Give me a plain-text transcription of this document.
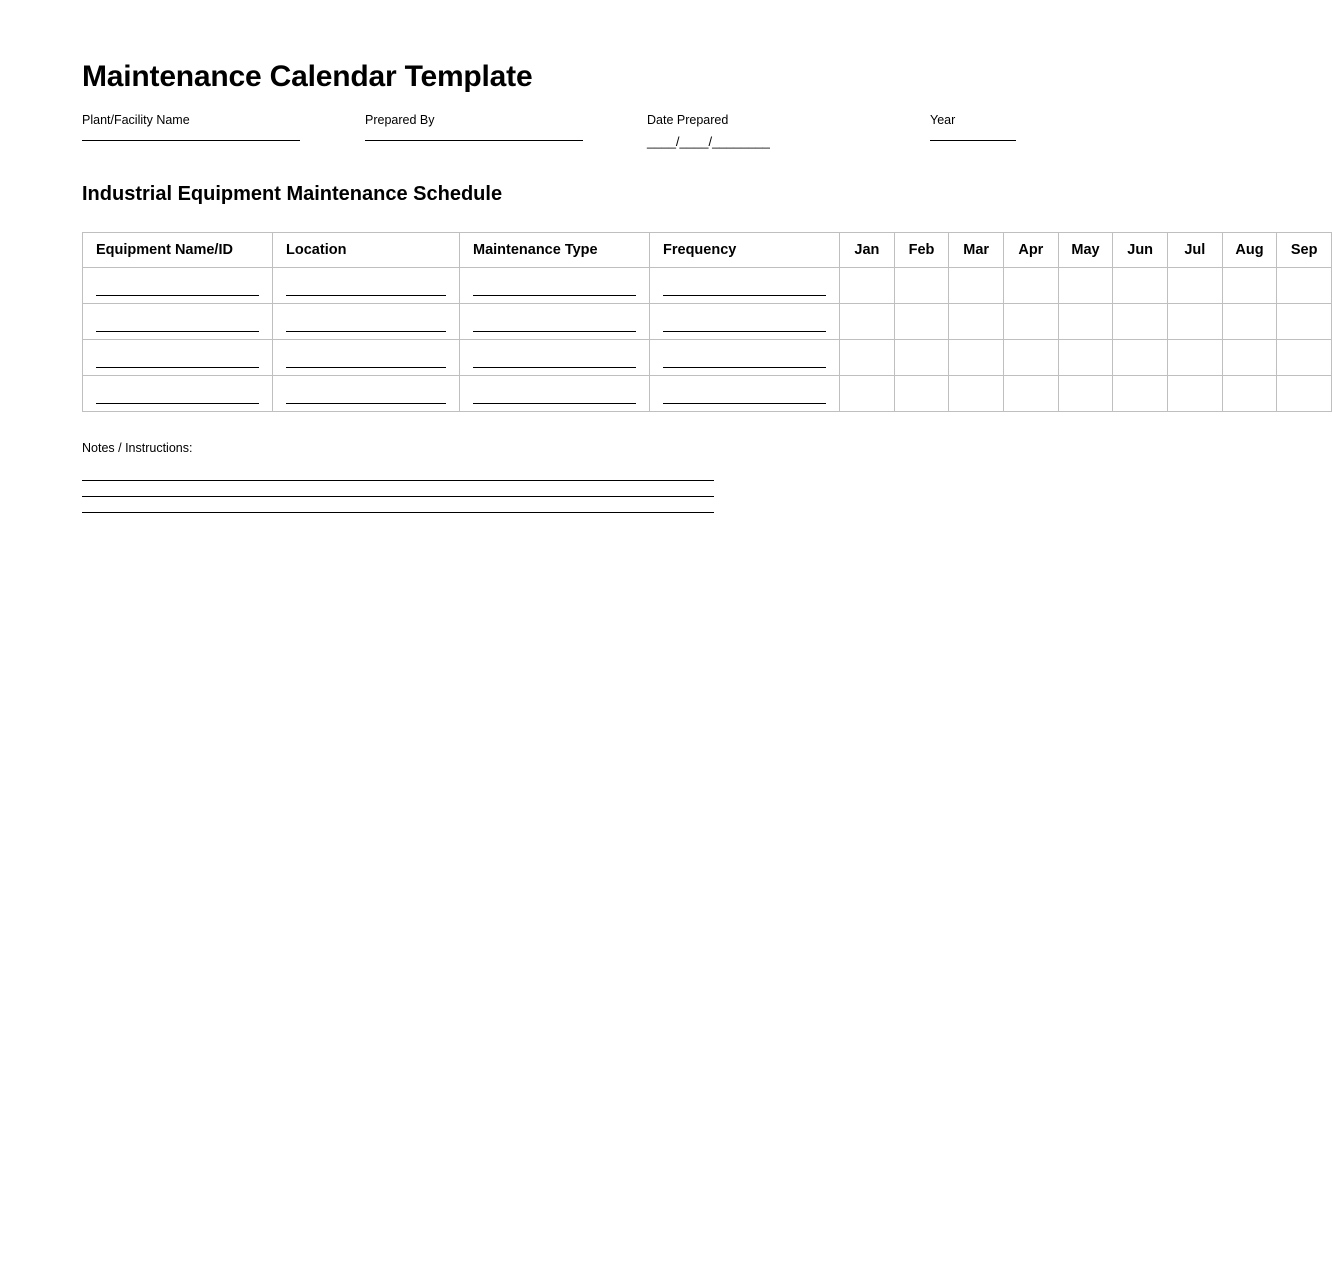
Maintenance Calendar Template
Plant/Facility Name	Prepared By	Date Prepared
____/____/________
Year
Industrial Equipment Maintenance Schedule
Equipment Name/ID	Location	Maintenance Type	Frequency	Jan	Feb	Mar	Apr	May	Jun	Jul	Aug	Sep

Notes / Instructions:
